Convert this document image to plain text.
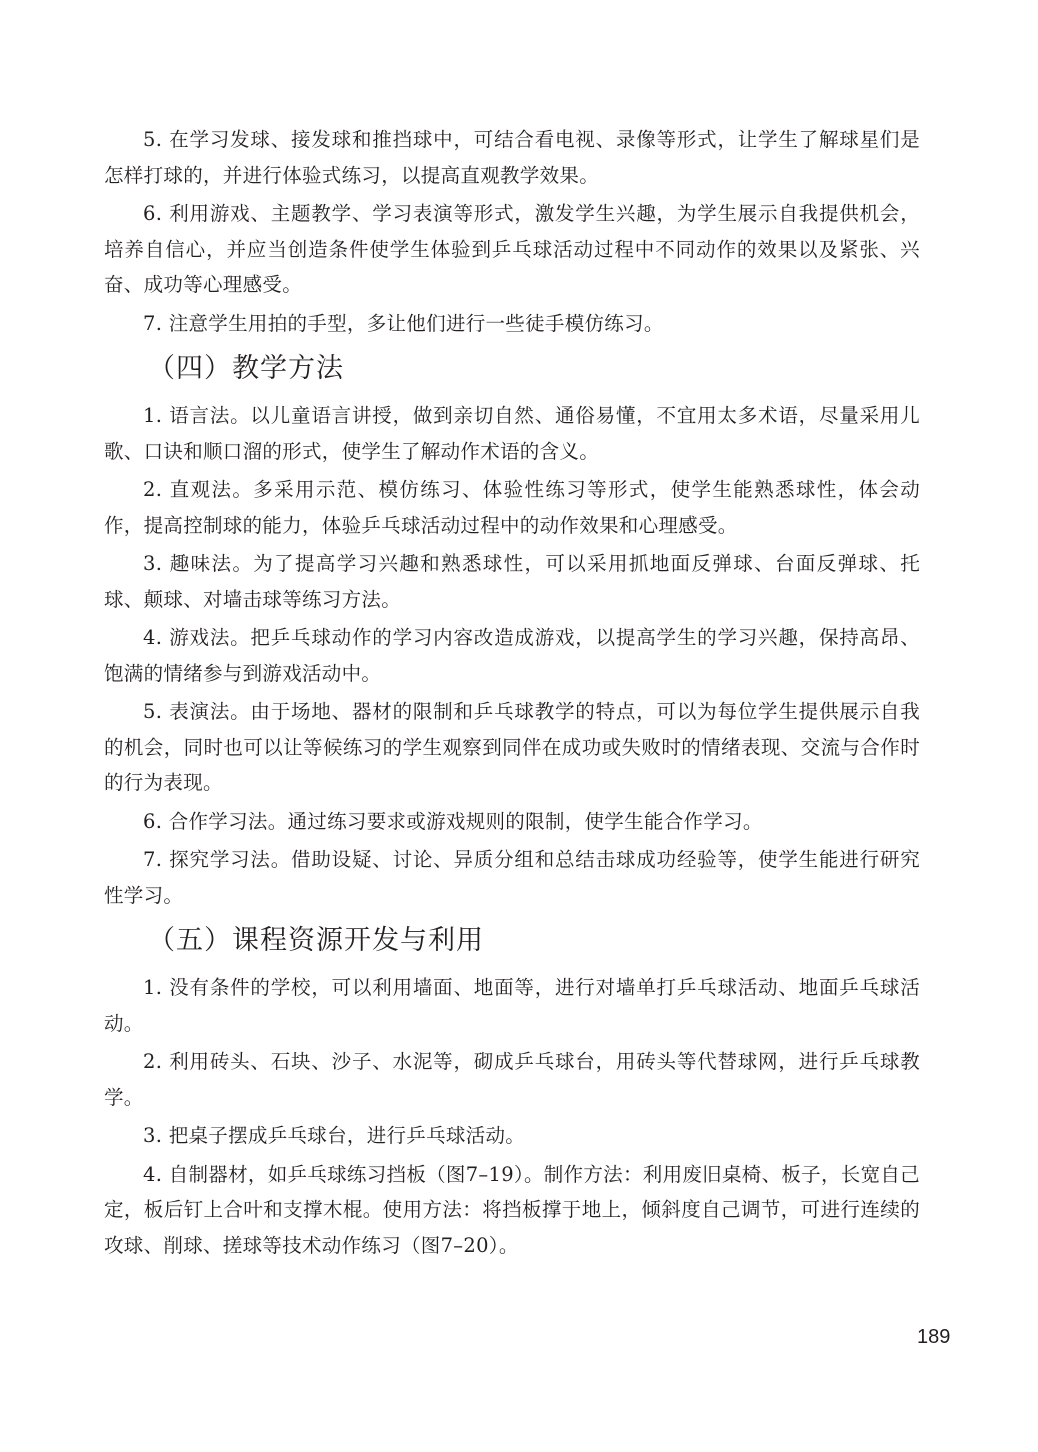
5. 在学习发球、接发球和推挡球中，可结合看电视、录像等形式，让学生了解球星们是怎样打球的，并进行体验式练习，以提高直观教学效果。

6. 利用游戏、主题教学、学习表演等形式，激发学生兴趣，为学生展示自我提供机会，培养自信心，并应当创造条件使学生体验到乒乓球活动过程中不同动作的效果以及紧张、兴奋、成功等心理感受。

7. 注意学生用拍的手型，多让他们进行一些徒手模仿练习。

（四）教学方法

1. 语言法。以儿童语言讲授，做到亲切自然、通俗易懂，不宜用太多术语，尽量采用儿歌、口诀和顺口溜的形式，使学生了解动作术语的含义。

2. 直观法。多采用示范、模仿练习、体验性练习等形式，使学生能熟悉球性，体会动作，提高控制球的能力，体验乒乓球活动过程中的动作效果和心理感受。

3. 趣味法。为了提高学习兴趣和熟悉球性，可以采用抓地面反弹球、台面反弹球、托球、颠球、对墙击球等练习方法。

4. 游戏法。把乒乓球动作的学习内容改造成游戏，以提高学生的学习兴趣，保持高昂、饱满的情绪参与到游戏活动中。

5. 表演法。由于场地、器材的限制和乒乓球教学的特点，可以为每位学生提供展示自我的机会，同时也可以让等候练习的学生观察到同伴在成功或失败时的情绪表现、交流与合作时的行为表现。

6. 合作学习法。通过练习要求或游戏规则的限制，使学生能合作学习。

7. 探究学习法。借助设疑、讨论、异质分组和总结击球成功经验等，使学生能进行研究性学习。

（五）课程资源开发与利用

1. 没有条件的学校，可以利用墙面、地面等，进行对墙单打乒乓球活动、地面乒乓球活动。

2. 利用砖头、石块、沙子、水泥等，砌成乒乓球台，用砖头等代替球网，进行乒乓球教学。

3. 把桌子摆成乒乓球台，进行乒乓球活动。

4. 自制器材，如乒乓球练习挡板（图7–19）。制作方法：利用废旧桌椅、板子，长宽自己定，板后钉上合叶和支撑木棍。使用方法：将挡板撑于地上，倾斜度自己调节，可进行连续的攻球、削球、搓球等技术动作练习（图7–20）。

189
